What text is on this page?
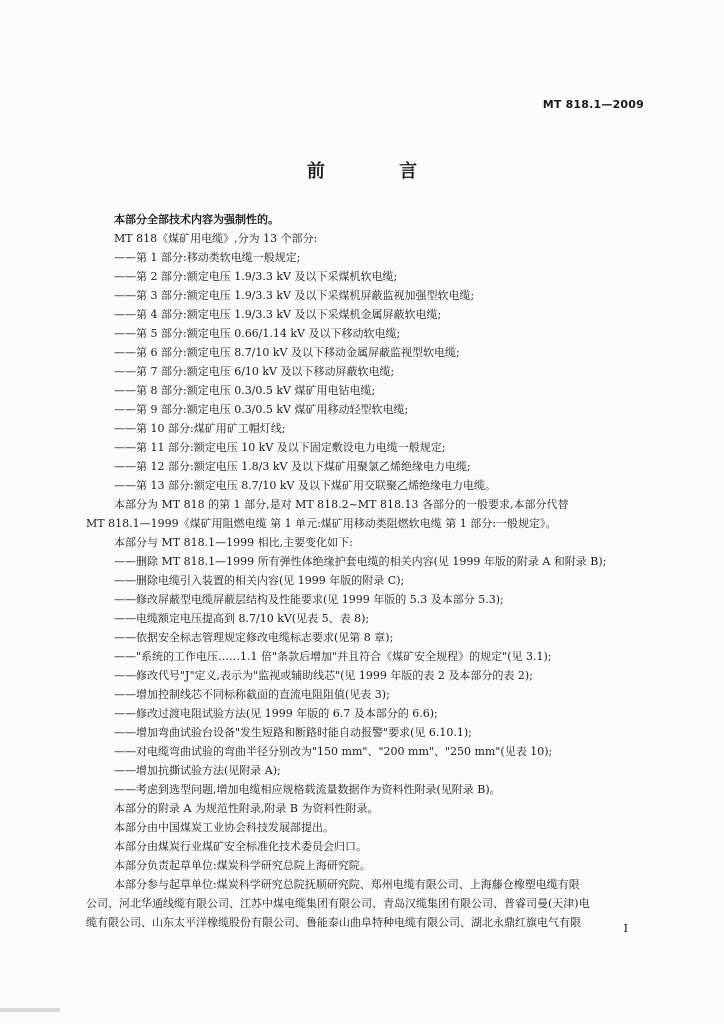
MT 818.1—2009
前 言
本部分全部技术内容为强制性的。
MT 818《煤矿用电缆》,分为 13 个部分:
——第 1 部分:移动类软电缆一般规定;
——第 2 部分:额定电压 1.9/3.3 kV 及以下采煤机软电缆;
——第 3 部分:额定电压 1.9/3.3 kV 及以下采煤机屏蔽监视加强型软电缆;
——第 4 部分:额定电压 1.9/3.3 kV 及以下采煤机金属屏蔽软电缆;
——第 5 部分:额定电压 0.66/1.14 kV 及以下移动软电缆;
——第 6 部分:额定电压 8.7/10 kV 及以下移动金属屏蔽监视型软电缆;
——第 7 部分:额定电压 6/10 kV 及以下移动屏蔽软电缆;
——第 8 部分:额定电压 0.3/0.5 kV 煤矿用电钻电缆;
——第 9 部分:额定电压 0.3/0.5 kV 煤矿用移动轻型软电缆;
——第 10 部分:煤矿用矿工帽灯线;
——第 11 部分:额定电压 10 kV 及以下固定敷设电力电缆一般规定;
——第 12 部分:额定电压 1.8/3 kV 及以下煤矿用聚氯乙烯绝缘电力电缆;
——第 13 部分:额定电压 8.7/10 kV 及以下煤矿用交联聚乙烯绝缘电力电缆。
本部分为 MT 818 的第 1 部分,是对 MT 818.2~MT 818.13 各部分的一般要求,本部分代替
MT 818.1—1999《煤矿用阻燃电缆 第 1 单元:煤矿用移动类阻燃软电缆 第 1 部分:一般规定》。
本部分与 MT 818.1—1999 相比,主要变化如下:
——删除 MT 818.1—1999 所有弹性体绝缘护套电缆的相关内容(见 1999 年版的附录 A 和附录 B);
——删除电缆引入装置的相关内容(见 1999 年版的附录 C);
——修改屏蔽型电缆屏蔽层结构及性能要求(见 1999 年版的 5.3 及本部分 5.3);
——电缆额定电压提高到 8.7/10 kV(见表 5、表 8);
——依据安全标志管理规定修改电缆标志要求(见第 8 章);
——"系统的工作电压……1.1 倍"条款后增加"并且符合《煤矿安全规程》的规定"(见 3.1);
——修改代号"J"定义,表示为"监视或辅助线芯"(见 1999 年版的表 2 及本部分的表 2);
——增加控制线芯不同标称截面的直流电阻阻值(见表 3);
——修改过渡电阻试验方法(见 1999 年版的 6.7 及本部分的 6.6);
——增加弯曲试验台设备"发生短路和断路时能自动报警"要求(见 6.10.1);
——对电缆弯曲试验的弯曲半径分别改为"150 mm"、"200 mm"、"250 mm"(见表 10);
——增加抗撕试验方法(见附录 A);
——考虑到选型问题,增加电缆相应规格载流量数据作为资料性附录(见附录 B)。
本部分的附录 A 为规范性附录,附录 B 为资料性附录。
本部分由中国煤炭工业协会科技发展部提出。
本部分由煤炭行业煤矿安全标准化技术委员会归口。
本部分负责起草单位:煤炭科学研究总院上海研究院。
本部分参与起草单位:煤炭科学研究总院抚顺研究院、郑州电缆有限公司、上海藤仓橡塑电缆有限
公司、河北华通线缆有限公司、江苏中煤电缆集团有限公司、青岛汉缆集团有限公司、普睿司曼(天津)电
缆有限公司、山东太平洋橡缆股份有限公司、鲁能泰山曲阜特种电缆有限公司、湖北永鼎红旗电气有限	I
